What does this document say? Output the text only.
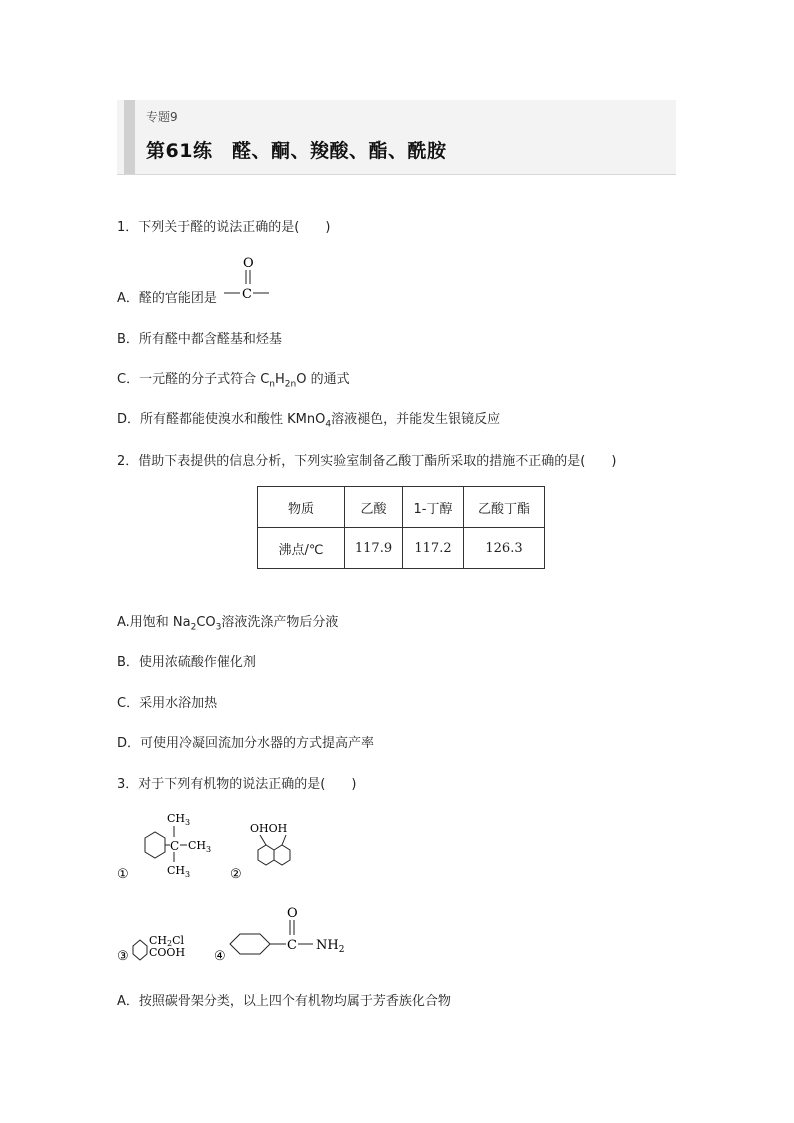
专题9
第61练　醛、酮、羧酸、酯、酰胺
1．下列关于醛的说法正确的是(　　)
A．醛的官能团是
O
C
B．所有醛中都含醛基和烃基
C．一元醛的分子式符合 $C_nH_{2n}O$ 的通式
D．所有醛都能使溴水和酸性 KMnO$_4$溶液褪色，并能发生银镜反应
2．借助下表提供的信息分析，下列实验室制备乙酸丁酯所采取的措施不正确的是(　　)
物质	乙酸	1-丁醇	乙酸丁酯
沸点/℃	117.9	117.2	126.3
A.用饱和 $Na_2CO_3$溶液洗涤产物后分液
B．使用浓硫酸作催化剂
C．采用水浴加热
D．可使用冷凝回流加分水器的方式提高产率
3．对于下列有机物的说法正确的是(　　)
①
C
$CH_3$
$CH_3$
$CH_3$	②
OHOH
③
CH2Cl
COOH ④
C
O
$NH_2$
A．按照碳骨架分类，以上四个有机物均属于芳香族化合物
